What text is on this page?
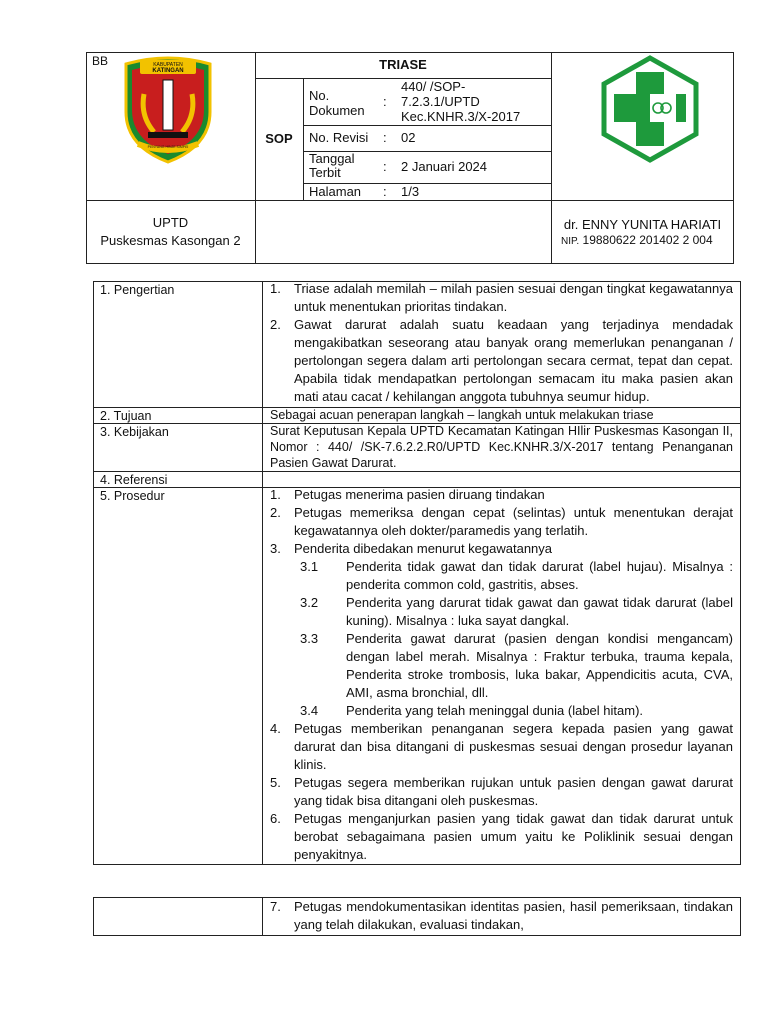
BB	KABUPATEN
KATINGAN
PENYANG HINJE SIMPEI
TRIASE
SOP
No. Dokumen
:
440/ /SOP-7.2.3.1/UPTD Kec.KNHR.3/X-2017
No. Revisi : 02
Tanggal Terbit	: 2 Januari 2024
Halaman : 1/3
UPTD
Puskesmas Kasongan 2
dr. ENNY YUNITA HARIATI
NIP. 19880622 201402 2 004
1. Pengertian
2. Tujuan
3. Kebijakan
4. Referensi
5. Prosedur
1. Triase adalah memilah – milah pasien sesuai dengan tingkat kegawatannya untuk menentukan prioritas tindakan.
2. Gawat darurat adalah suatu keadaan yang terjadinya mendadak mengakibatkan seseorang atau banyak orang memerlukan penanganan / pertolongan segera dalam arti pertolongan secara cermat, tepat dan cepat. Apabila tidak mendapatkan pertolongan semacam itu maka pasien akan mati atau cacat / kehilangan anggota tubuhnya seumur hidup.
Sebagai acuan penerapan langkah – langkah untuk melakukan triase
Surat Keputusan Kepala UPTD Kecamatan Katingan HIlir Puskesmas Kasongan II, Nomor : 440/ /SK-7.6.2.2.R0/UPTD Kec.KNHR.3/X-2017 tentang Penanganan Pasien Gawat Darurat.
1. Petugas menerima pasien diruang tindakan
2. Petugas memeriksa dengan cepat (selintas) untuk menentukan derajat kegawatannya oleh dokter/paramedis yang terlatih.
3. Penderita dibedakan menurut kegawatannya
3.1 Penderita tidak gawat dan tidak darurat (label hujau). Misalnya : penderita common cold, gastritis, abses.
3.2 Penderita yang darurat tidak gawat dan gawat tidak darurat (label kuning). Misalnya : luka sayat dangkal.
3.3 Penderita gawat darurat (pasien dengan kondisi mengancam) dengan label merah. Misalnya : Fraktur terbuka, trauma kepala, Penderita stroke trombosis, luka bakar, Appendicitis acuta, CVA, AMI, asma bronchial, dll.
3.4 Penderita yang telah meninggal dunia (label hitam).
4. Petugas memberikan penanganan segera kepada pasien yang gawat darurat dan bisa ditangani di puskesmas sesuai dengan prosedur layanan klinis.
5. Petugas segera memberikan rujukan untuk pasien dengan gawat darurat yang tidak bisa ditangani oleh puskesmas.
6. Petugas menganjurkan pasien yang tidak gawat dan tidak darurat untuk berobat sebagaimana pasien umum yaitu ke Poliklinik sesuai dengan penyakitnya.
7. Petugas mendokumentasikan identitas pasien, hasil pemeriksaan, tindakan yang telah dilakukan, evaluasi tindakan,
